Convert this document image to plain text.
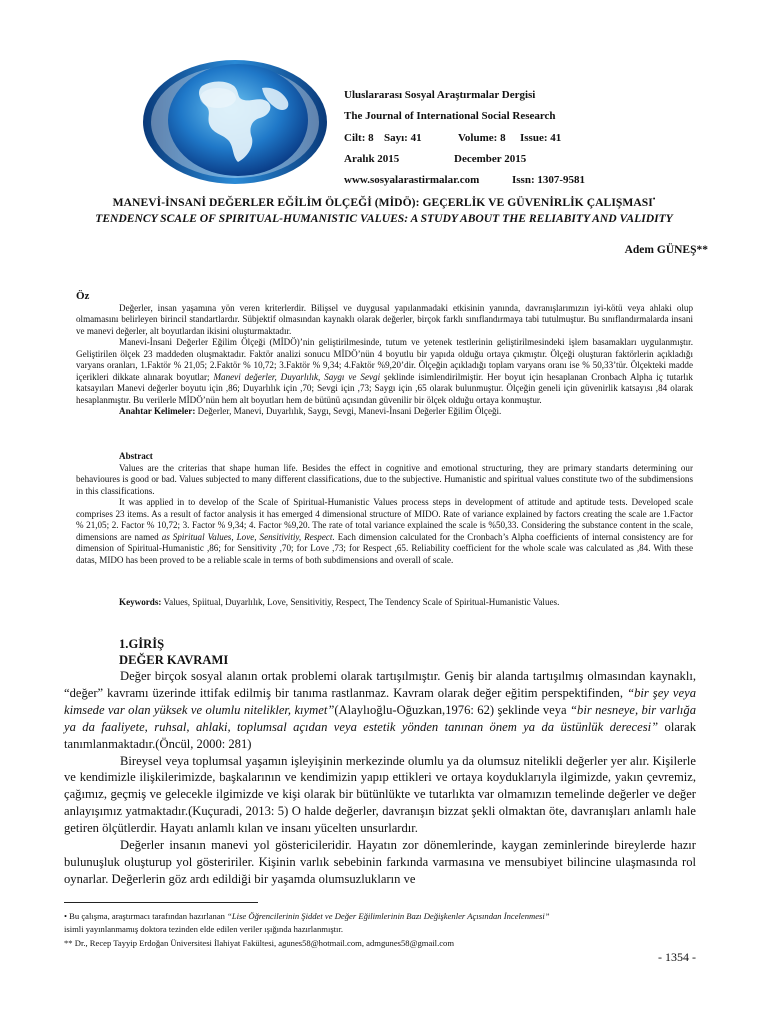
Uluslararası Sosyal Araştırmalar Dergisi
The Journal of International Social Research
Cilt: 8 Sayı: 41	Volume: 8	Issue: 41
Aralık 2015	December 2015
www.sosyalarastirmalar.com	Issn: 1307-9581
MANEVİ-İNSANİ DEĞERLER EĞİLİM ÖLÇEĞİ (MİDÖ): GEÇERLİK VE GÜVENİRLİK ÇALIŞMASI•
TENDENCY SCALE OF SPIRITUAL-HUMANISTIC VALUES: A STUDY ABOUT THE RELIABITY AND VALIDITY
Adem GÜNEŞ**

Öz

Değerler, insan yaşamına yön veren kriterlerdir. Bilişsel ve duygusal yapılanmadaki etkisinin yanında, davranışlarımızın iyi-kötü veya ahlaki olup olmamasını belirleyen birincil standartlardır. Sübjektif olmasından kaynaklı olarak değerler, birçok farklı sınıflandırmaya tabi tutulmuştur. Bu sınıflandırmalarda insani ve manevi değerler, alt boyutlardan ikisini oluşturmaktadır.

Manevi-İnsani Değerler Eğilim Ölçeği (MİDÖ)’nin geliştirilmesinde, tutum ve yetenek testlerinin geliştirilmesindeki işlem basamakları uygulanmıştır. Geliştirilen ölçek 23 maddeden oluşmaktadır. Faktör analizi sonucu MİDÖ’nün 4 boyutlu bir yapıda olduğu ortaya çıkmıştır. Ölçeği oluşturan faktörlerin açıkladığı varyans oranları, 1.Faktör % 21,05; 2.Faktör % 10,72; 3.Faktör % 9,34; 4.Faktör %9,20’dir. Ölçeğin açıkladığı toplam varyans oranı ise % 50,33’tür. Ölçekteki madde içerikleri dikkate alınarak boyutlar; Manevi değerler, Duyarlılık, Saygı ve Sevgi şeklinde isimlendirilmiştir. Her boyut için hesaplanan Cronbach Alpha iç tutarlık katsayıları Manevi değerler boyutu için ,86; Duyarlılık için ,70; Sevgi için ,73; Saygı için ,65 olarak bulunmuştur. Ölçeğin geneli için güvenirlik katsayısı ,84 olarak hesaplanmıştır. Bu verilerle MİDÖ’nün hem alt boyutları hem de bütünü açısından güvenilir bir ölçek olduğu ortaya konmuştur.

Anahtar Kelimeler: Değerler, Manevi, Duyarlılık, Saygı, Sevgi, Manevi-İnsani Değerler Eğilim Ölçeği.

Abstract

Values are the criterias that shape human life. Besides the effect in cognitive and emotional structuring, they are primary standarts determining our behavioures is good or bad. Values subjected to many different classifications, due to the subjective. Humanistic and spiritual values constitute two of the subdimensions in this classifications.

It was applied in to develop of the Scale of Spiritual-Humanistic Values process steps in development of attitude and aptitude tests. Developed scale comprises 23 items. As a result of factor analysis it has emerged 4 dimensional structure of MIDO. Rate of variance explained by factors creating the scale are 1.Factor % 21,05; 2. Factor % 10,72; 3. Factor % 9,34; 4. Factor %9,20. The rate of total variance explained the scale is %50,33. Considering the substance content in the scale, dimensions are named as Spiritual Values, Love, Sensitivitiy, Respect. Each dimension calculated for the Cronbach’s Alpha coefficients of internal consistency are for dimension of Spiritual-Humanistic ,86; for Sensitivity ,70; for Love ,73; for Respect ,65. Reliability coefficient for the whole scale was calculated as ,84. With these datas, MIDO has been proved to be a reliable scale in terms of both subdimensions and overall of scale.

Keywords: Values, Spiitual, Duyarlılık, Love, Sensitivitiy, Respect, The Tendency Scale of Spiritual-Humanistic Values.
1.GİRİŞ
DEĞER KAVRAMI

Değer birçok sosyal alanın ortak problemi olarak tartışılmıştır. Geniş bir alanda tartışılmış olmasından kaynaklı, “değer” kavramı üzerinde ittifak edilmiş bir tanıma rastlanmaz. Kavram olarak değer eğitim perspektifinden, “bir şey veya kimsede var olan yüksek ve olumlu nitelikler, kıymet”(Alaylıoğlu-Oğuzkan,1976: 62) şeklinde veya “bir nesneye, bir varlığa ya da faaliyete, ruhsal, ahlaki, toplumsal açıdan veya estetik yönden tanınan önem ya da üstünlük derecesi” olarak tanımlanmaktadır.(Öncül, 2000: 281)

Bireysel veya toplumsal yaşamın işleyişinin merkezinde olumlu ya da olumsuz nitelikli değerler yer alır. Kişilerle ve kendimizle ilişkilerimizde, başkalarının ve kendimizin yapıp ettikleri ve ortaya koyduklarıyla ilgimizde, yakın çevremiz, çağımız, geçmiş ve gelecekle ilgimizde ve kişi olarak bir bütünlükte ve tutarlıkta var olmamızın temelinde değerler ve değer anlayışımız yatmaktadır.(Kuçuradi, 2013: 5) O halde değerler, davranışın bizzat şekli olmaktan öte, davranışları anlamlı hale getiren ölçütlerdir. Hayatı anlamlı kılan ve insanı yücelten unsurlardır.

Değerler insanın manevi yol göstericileridir. Hayatın zor dönemlerinde, kaygan zeminlerinde bireylerde hazır bulunuşluk oluşturup yol gösteririler. Kişinin varlık sebebinin farkında varmasına ve mensubiyet bilincine ulaşmasında rol oynarlar. Değerlerin göz ardı edildiği bir yaşamda olumsuzlukların ve

• Bu çalışma, araştırmacı tarafından hazırlanan “Lise Öğrencilerinin Şiddet ve Değer Eğilimlerinin Bazı Değişkenler Açısından İncelenmesi”
isimli yayınlanmamış doktora tezinden elde edilen veriler ışığında hazırlanmıştır.
** Dr., Recep Tayyip Erdoğan Üniversitesi İlahiyat Fakültesi, agunes58@hotmail.com, admgunes58@gmail.com
- 1354 -
